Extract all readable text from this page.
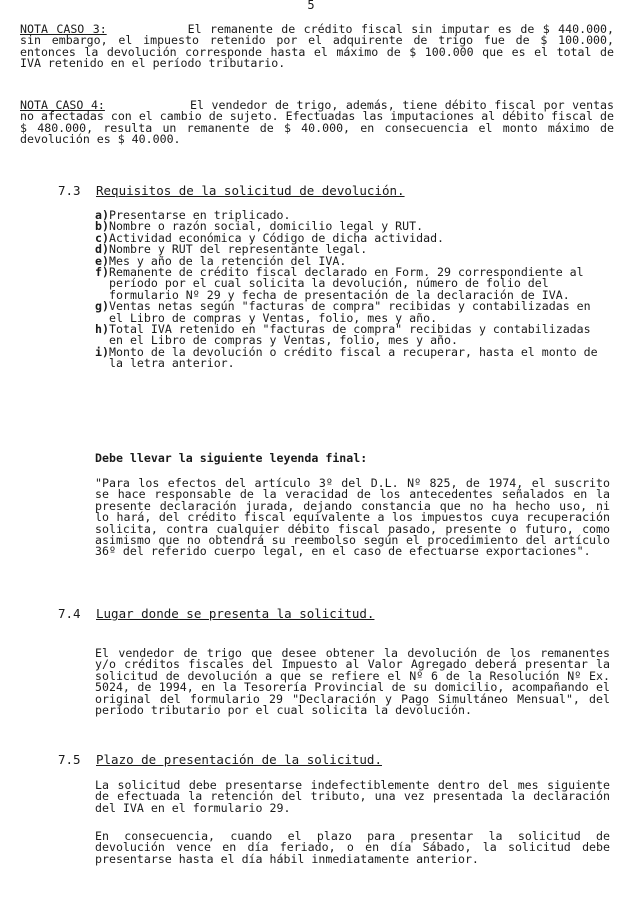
5
NOTA CASO 3:	El remanente de crédito fiscal sin imputar es de $ 440.000, sin embargo, el impuesto retenido por el adquirente de trigo fue de $ 100.000, entonces la devolución corresponde hasta el máximo de $ 100.000 que es el total de IVA retenido en el período tributario.
NOTA CASO 4:	El vendedor de trigo, además, tiene débito fiscal por ventas no afectadas con el cambio de sujeto. Efectuadas las imputaciones al débito fiscal de $ 480.000, resulta un remanente de $ 40.000, en consecuencia el monto máximo de devolución es $ 40.000.
7.3 Requisitos de la solicitud de devolución.
a) Presentarse en triplicado.
b) Nombre o razón social, domicilio legal y RUT.
c) Actividad económica y Código de dicha actividad.
d) Nombre y RUT del representante legal.
e) Mes y año de la retención del IVA.
f) Remanente de crédito fiscal declarado en Form. 29 correspondiente al período por el cual solicita la devolución, número de folio del formulario Nº 29 y fecha de presentación de la declaración de IVA.
g) Ventas netas según "facturas de compra" recibidas y contabilizadas en el Libro de compras y Ventas, folio, mes y año.
h) Total IVA retenido en "facturas de compra" recibidas y contabilizadas en el Libro de compras y Ventas, folio, mes y año.
i) Monto de la devolución o crédito fiscal a recuperar, hasta el monto de la letra anterior.
Debe llevar la siguiente leyenda final:
"Para los efectos del artículo 3º del D.L. Nº 825, de 1974, el suscrito se hace responsable de la veracidad de los antecedentes señalados en la presente declaración jurada, dejando constancia que no ha hecho uso, ni lo hará, del crédito fiscal equivalente a los impuestos cuya recuperación solicita, contra cualquier débito fiscal pasado, presente o futuro, como asimismo que no obtendrá su reembolso según el procedimiento del artículo 36º del referido cuerpo legal, en el caso de efectuarse exportaciones".
7.4 Lugar donde se presenta la solicitud.
El vendedor de trigo que desee obtener la devolución de los remanentes y/o créditos fiscales del Impuesto al Valor Agregado deberá presentar la solicitud de devolución a que se refiere el Nº 6 de la Resolución Nº Ex. 5024, de 1994, en la Tesorería Provincial de su domicilio, acompañando el original del formulario 29 "Declaración y Pago Simultáneo Mensual", del período tributario por el cual solicita la devolución.
7.5 Plazo de presentación de la solicitud.
La solicitud debe presentarse indefectiblemente dentro del mes siguiente de efectuada la retención del tributo, una vez presentada la declaración del IVA en el formulario 29.
En consecuencia, cuando el plazo para presentar la solicitud de devolución vence en día feriado, o en día Sábado, la solicitud debe presentarse hasta el día hábil inmediatamente anterior.
